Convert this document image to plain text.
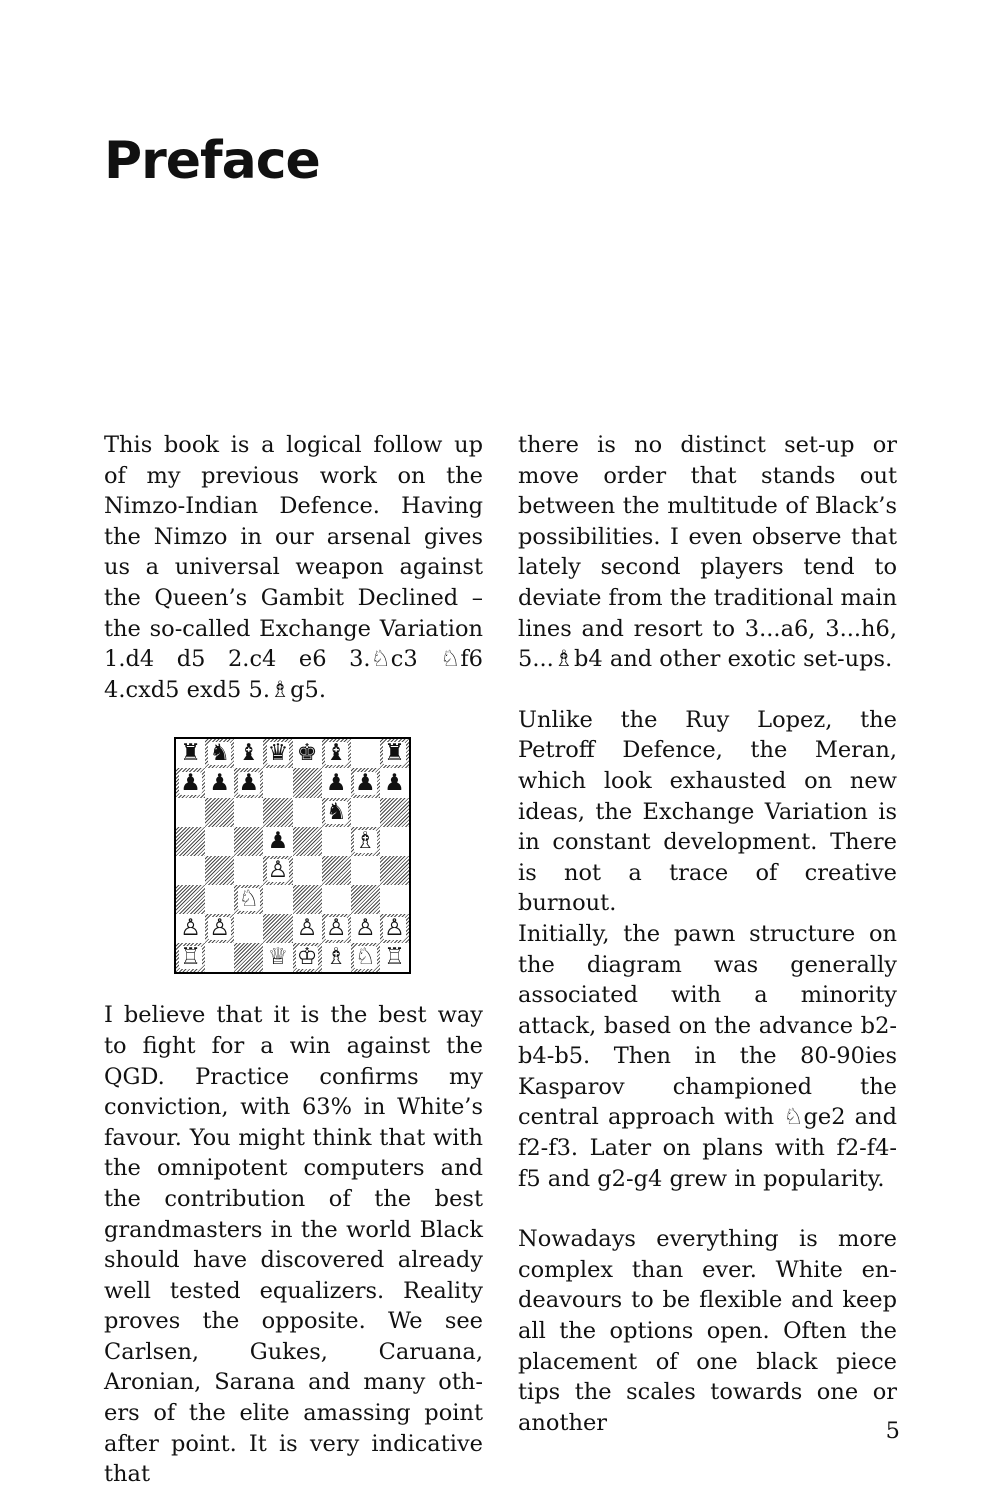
Preface

This book is a logical follow up of my previous work on the Nimzo-Indian Defence. Having the Nimzo in our arsenal gives us a universal weapon against the Queen’s Gambit Declined – the so-called Exchange Variation 1.d4 d5 2.c4 e6 3.♘c3 ♘f6 4.cxd5 exd5 5.♗g5.

♜ ♞ ♝ ♛ ♚ ♝ ♜
♟ ♟ ♟	♟ ♟ ♟
♞
♟	♗
♙
♘
♙ ♙	♙ ♙ ♙ ♙
♖	♕ ♔ ♗ ♘ ♖

I believe that it is the best way to fight for a win against the QGD. Practice confirms my conviction, with 63% in White’s favour. You might think that with the omnipotent computers and the contribution of the best grandmasters in the world Black should have discovered already well tested equalizers. Reality proves the opposite. We see Carlsen, Gukes, Caruana, Aronian, Sarana and many others of the elite amassing point after point. It is very indicative that

there is no distinct set-up or move order that stands out between the multitude of Black’s possibilities. I even observe that lately second players tend to deviate from the traditional main lines and resort to 3...a6, 3...h6, 5...♗b4 and other exotic set-ups.

Unlike the Ruy Lopez, the Petroff Defence, the Meran, which look exhausted on new ideas, the Exchange Variation is in constant development. There is not a trace of creative burnout.

Initially, the pawn structure on the diagram was generally associated with a minority attack, based on the advance b2-b4-b5. Then in the 80-90ies Kasparov championed the central approach with ♘ge2 and f2-f3. Later on plans with f2-f4-f5 and g2-g4 grew in popularity.

Nowadays everything is more complex than ever. White endeavours to be flexible and keep all the options open. Often the placement of one black piece tips the scales towards one or another	5
